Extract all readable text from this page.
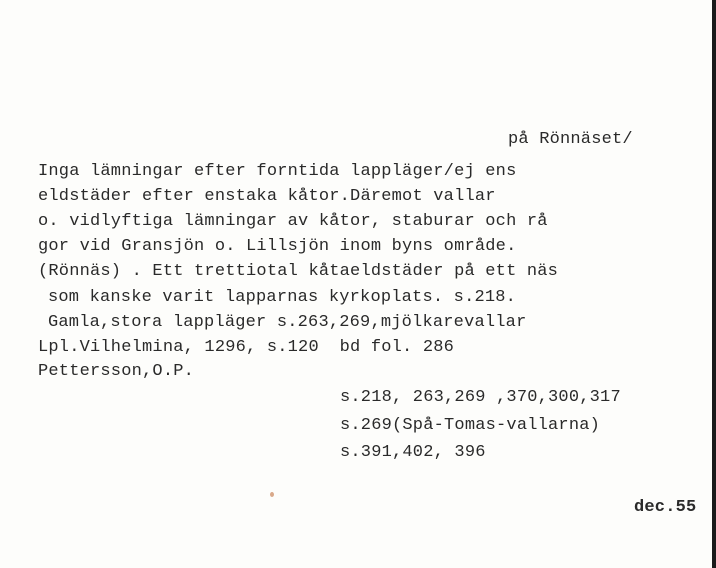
på Rönnäset/
Inga lämningar efter forntida lappläger/ej ens
eldstäder efter enstaka kåtor.Däremot vallar
o. vidlyftiga lämningar av kåtor, staburar och rå
gor vid Gransjön o. Lillsjön inom byns område.
(Rönnäs) . Ett trettiotal kåtaeldstäder på ett näs
som kanske varit lapparnas kyrkoplats. s.218.
Gamla,stora lappläger s.263,269,mjölkarevallar
Lpl.Vilhelmina, 1296, s.120  bd fol. 286
Pettersson,O.P.
s.218, 263,269 ,370,300,317
s.269(Spå-Tomas-vallarna)
s.391,402, 396
dec.55
